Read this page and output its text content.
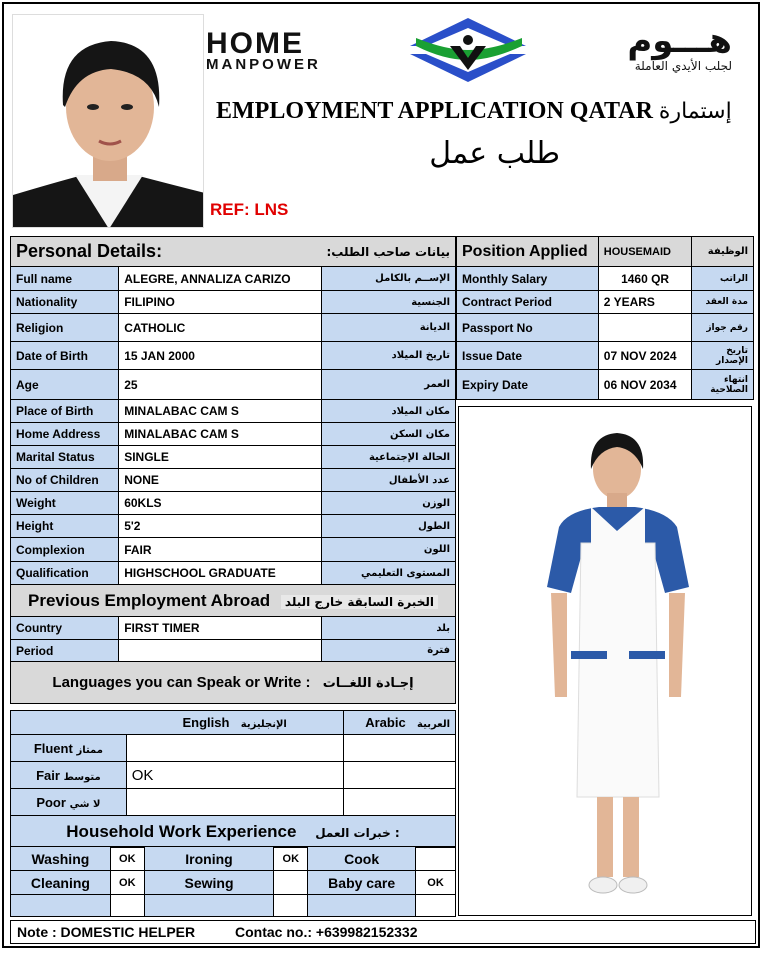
HOME
MANPOWER
هـــوم
لجلب الأيدي العاملة
EMPLOYMENT APPLICATION QATAR إستمارة
طلب عمل
REF: LNS
Personal Details:		بيانات صاحب الطلب:
Full name	ALEGRE, ANNALIZA CARIZO	الإســم بالكامل
Nationality	FILIPINO	الجنسية
Religion	CATHOLIC	الديانة
Date of Birth	15 JAN 2000	تاريخ الميلاد
Age	25	العمر
Place of Birth	MINALABAC CAM S	مكان الميلاد
Home Address	MINALABAC CAM S	مكان السكن
Marital Status	SINGLE	الحالة الإجتماعية
No of Children	NONE	عدد الأطفال
Weight	60KLS	الوزن
Height	5'2	الطول
Complexion	FAIR	اللون
Qualification	HIGHSCHOOL GRADUATE	المستوى التعليمي
Previous Employment Abroad الخبرة السابقة خارج البلد		
Country	FIRST TIMER	بلد
Period		فترة
Languages you can Speak or Write : إجـادة اللغــات		
	English الإنجليزية	Arabic العربية
Fluent ممتاز		
Fair متوسط	OK	
Poor لا شي		
Household Work Experience خبرات العمل :		
Washing	OK	Ironing	OK	Cook	
Cleaning	OK	Sewing		Baby care	OK

Position Applied	HOUSEMAID	الوظيفة
Monthly Salary	1460 QR	الراتب
Contract Period	2 YEARS	مدة العقد
Passport No		رقم جواز
Issue Date	07 NOV 2024	تاريخ الإصدار
Expiry Date	06 NOV 2034	انتهاء الصلاحية
Note : DOMESTIC HELPER	Contac no.: +639982152332
